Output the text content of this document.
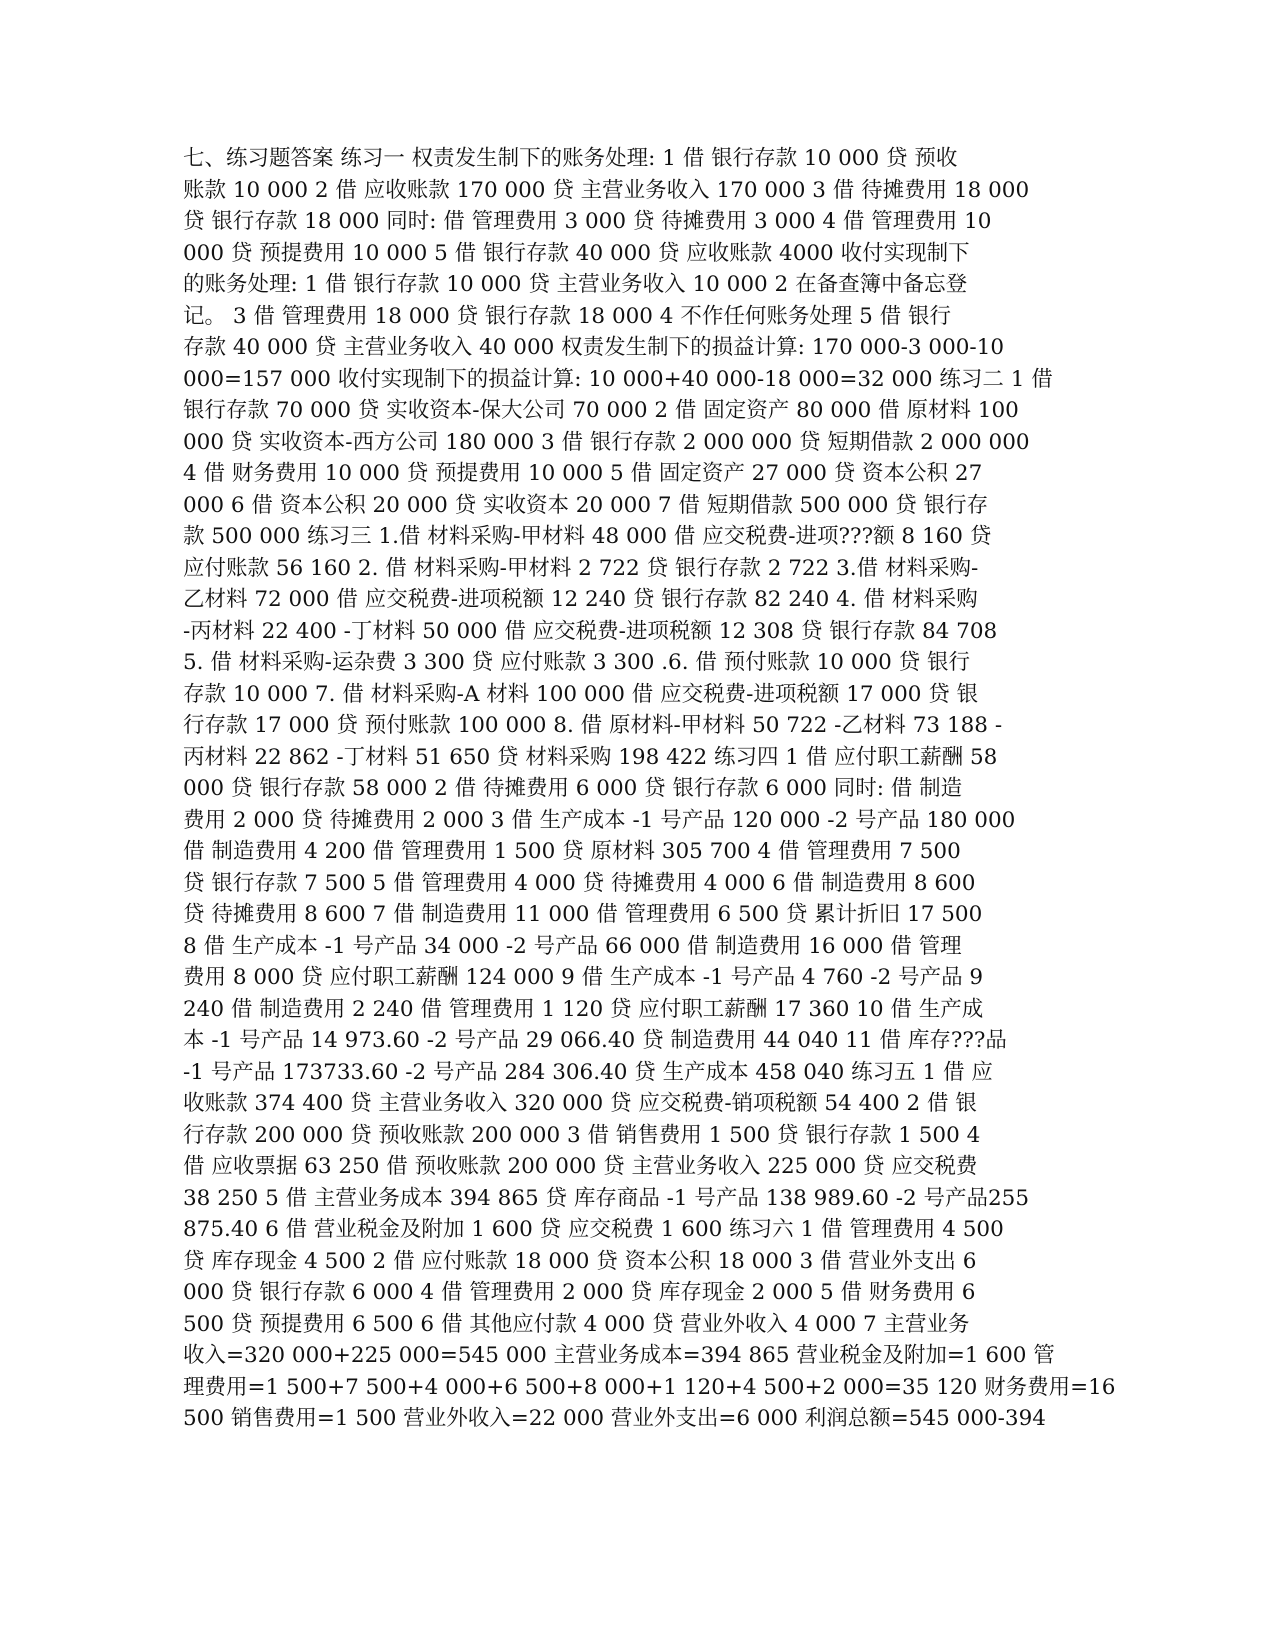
七、练习题答案 练习一 权责发生制下的账务处理: 1 借 银行存款 10 000 贷 预收
账款 10 000 2 借 应收账款 170 000 贷 主营业务收入 170 000 3 借 待摊费用 18 000
贷 银行存款 18 000 同时: 借 管理费用 3 000 贷 待摊费用 3 000 4 借 管理费用 10
000 贷 预提费用 10 000 5 借 银行存款 40 000 贷 应收账款 4000 收付实现制下
的账务处理: 1 借 银行存款 10 000 贷 主营业务收入 10 000 2 在备查簿中备忘登
记。 3 借 管理费用 18 000 贷 银行存款 18 000 4 不作任何账务处理 5 借 银行
存款 40 000 贷 主营业务收入 40 000 权责发生制下的损益计算: 170 000-3 000-10
000=157 000 收付实现制下的损益计算: 10 000+40 000-18 000=32 000 练习二 1 借
银行存款 70 000 贷 实收资本-保大公司 70 000 2 借 固定资产 80 000 借 原材料 100
000 贷 实收资本-西方公司 180 000 3 借 银行存款 2 000 000 贷 短期借款 2 000 000
4 借 财务费用 10 000 贷 预提费用 10 000 5 借 固定资产 27 000 贷 资本公积 27
000 6 借 资本公积 20 000 贷 实收资本 20 000 7 借 短期借款 500 000 贷 银行存
款 500 000 练习三 1.借 材料采购-甲材料 48 000 借 应交税费-进项???额 8 160 贷
应付账款 56 160 2. 借 材料采购-甲材料 2 722 贷 银行存款 2 722 3.借 材料采购-
乙材料 72 000 借 应交税费-进项税额 12 240 贷 银行存款 82 240 4. 借 材料采购
-丙材料 22 400 -丁材料 50 000 借 应交税费-进项税额 12 308 贷 银行存款 84 708
5. 借 材料采购-运杂费 3 300 贷 应付账款 3 300 .6. 借 预付账款 10 000 贷 银行
存款 10 000 7. 借 材料采购-A 材料 100 000 借 应交税费-进项税额 17 000 贷 银
行存款 17 000 贷 预付账款 100 000 8. 借 原材料-甲材料 50 722 -乙材料 73 188 -
丙材料 22 862 -丁材料 51 650 贷 材料采购 198 422 练习四 1 借 应付职工薪酬 58
000 贷 银行存款 58 000 2 借 待摊费用 6 000 贷 银行存款 6 000 同时: 借 制造
费用 2 000 贷 待摊费用 2 000 3 借 生产成本 -1 号产品 120 000 -2 号产品 180 000
借 制造费用 4 200 借 管理费用 1 500 贷 原材料 305 700 4 借 管理费用 7 500
贷 银行存款 7 500 5 借 管理费用 4 000 贷 待摊费用 4 000 6 借 制造费用 8 600
贷 待摊费用 8 600 7 借 制造费用 11 000 借 管理费用 6 500 贷 累计折旧 17 500
8 借 生产成本 -1 号产品 34 000 -2 号产品 66 000 借 制造费用 16 000 借 管理
费用 8 000 贷 应付职工薪酬 124 000 9 借 生产成本 -1 号产品 4 760 -2 号产品 9
240 借 制造费用 2 240 借 管理费用 1 120 贷 应付职工薪酬 17 360 10 借 生产成
本 -1 号产品 14 973.60 -2 号产品 29 066.40 贷 制造费用 44 040 11 借 库存???品
-1 号产品 173733.60 -2 号产品 284 306.40 贷 生产成本 458 040 练习五 1 借 应
收账款 374 400 贷 主营业务收入 320 000 贷 应交税费-销项税额 54 400 2 借 银
行存款 200 000 贷 预收账款 200 000 3 借 销售费用 1 500 贷 银行存款 1 500 4
借 应收票据 63 250 借 预收账款 200 000 贷 主营业务收入 225 000 贷 应交税费
38 250 5 借 主营业务成本 394 865 贷 库存商品 -1 号产品 138 989.60 -2 号产品255
875.40 6 借 营业税金及附加 1 600 贷 应交税费 1 600 练习六 1 借 管理费用 4 500
贷 库存现金 4 500 2 借 应付账款 18 000 贷 资本公积 18 000 3 借 营业外支出 6
000 贷 银行存款 6 000 4 借 管理费用 2 000 贷 库存现金 2 000 5 借 财务费用 6
500 贷 预提费用 6 500 6 借 其他应付款 4 000 贷 营业外收入 4 000 7 主营业务
收入=320 000+225 000=545 000 主营业务成本=394 865 营业税金及附加=1 600 管
理费用=1 500+7 500+4 000+6 500+8 000+1 120+4 500+2 000=35 120 财务费用=16
500 销售费用=1 500 营业外收入=22 000 营业外支出=6 000 利润总额=545 000-394
